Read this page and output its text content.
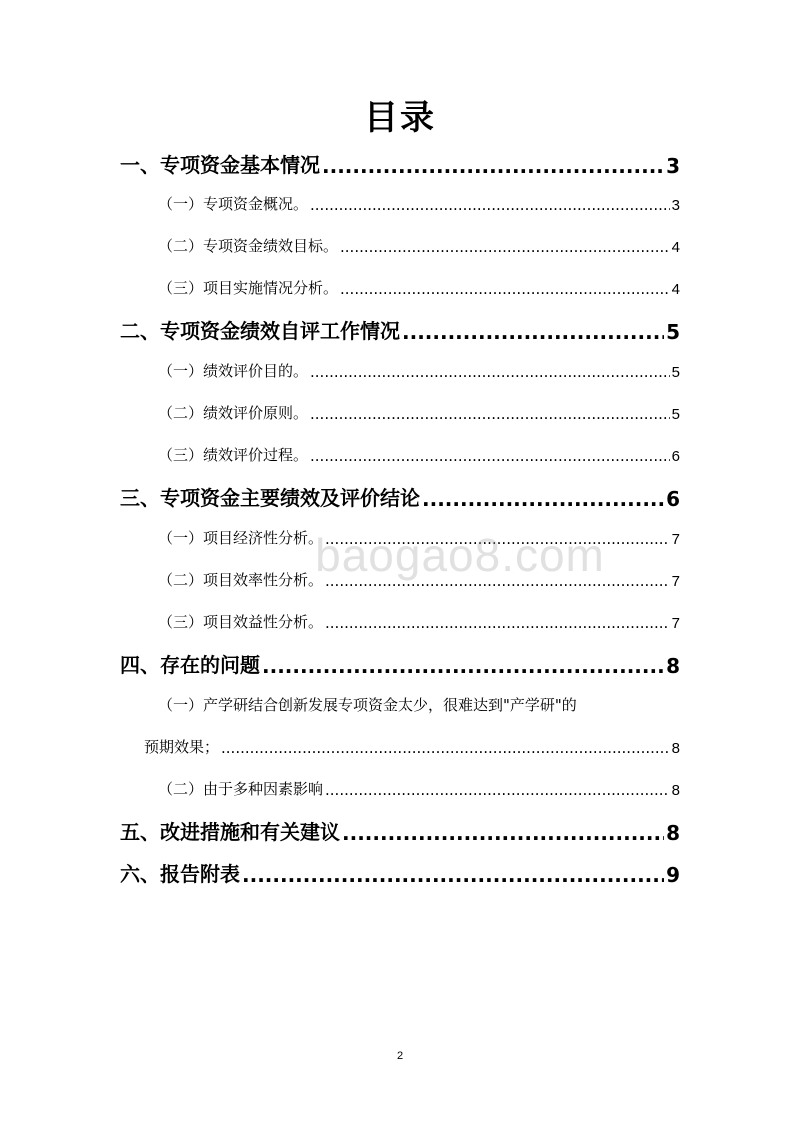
目录
一、专项资金基本情况 .....	3
（一）专项资金概况。 .....	3
（二）专项资金绩效目标。 .....	4
（三）项目实施情况分析。 .....	4
二、专项资金绩效自评工作情况 .....	5
（一）绩效评价目的。 .....	5
（二）绩效评价原则。 .....	5
（三）绩效评价过程。 .....	6
三、专项资金主要绩效及评价结论 .....	6
（一）项目经济性分析。 .....	7
（二）项目效率性分析。 .....	7
（三）项目效益性分析。 .....	7
四、存在的问题 .....	8
（一）产学研结合创新发展专项资金太少，很难达到"产学研"的
预期效果； .....	8
（二）由于多种因素影响 .....	8
五、改进措施和有关建议 .....	8
六、报告附表 .....	9
baogao8.com
2
